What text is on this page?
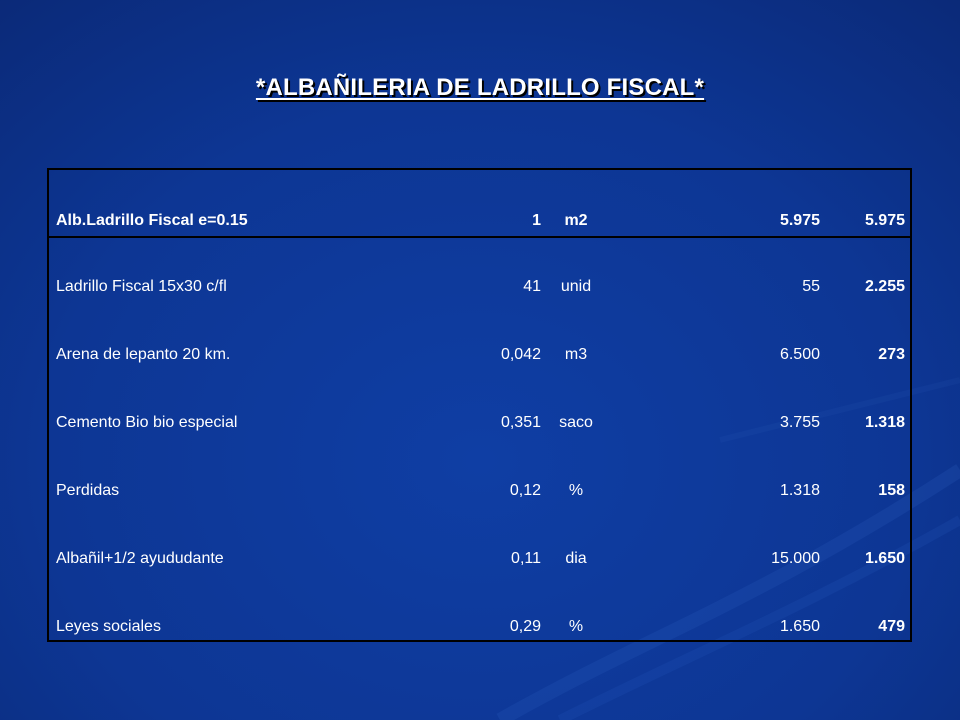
*ALBAÑILERIA DE LADRILLO FISCAL*
Alb.Ladrillo Fiscal e=0.15	1	m2	5.975	5.975
Ladrillo Fiscal 15x30 c/fl	41	unid	55	2.255
Arena de lepanto 20 km.	0,042	m3	6.500	273
Cemento Bio bio especial	0,351	saco	3.755	1.318
Perdidas	0,12	%	1.318	158
Albañil+1/2 ayududante	0,11	dia	15.000	1.650
Leyes sociales	0,29	%	1.650	479
